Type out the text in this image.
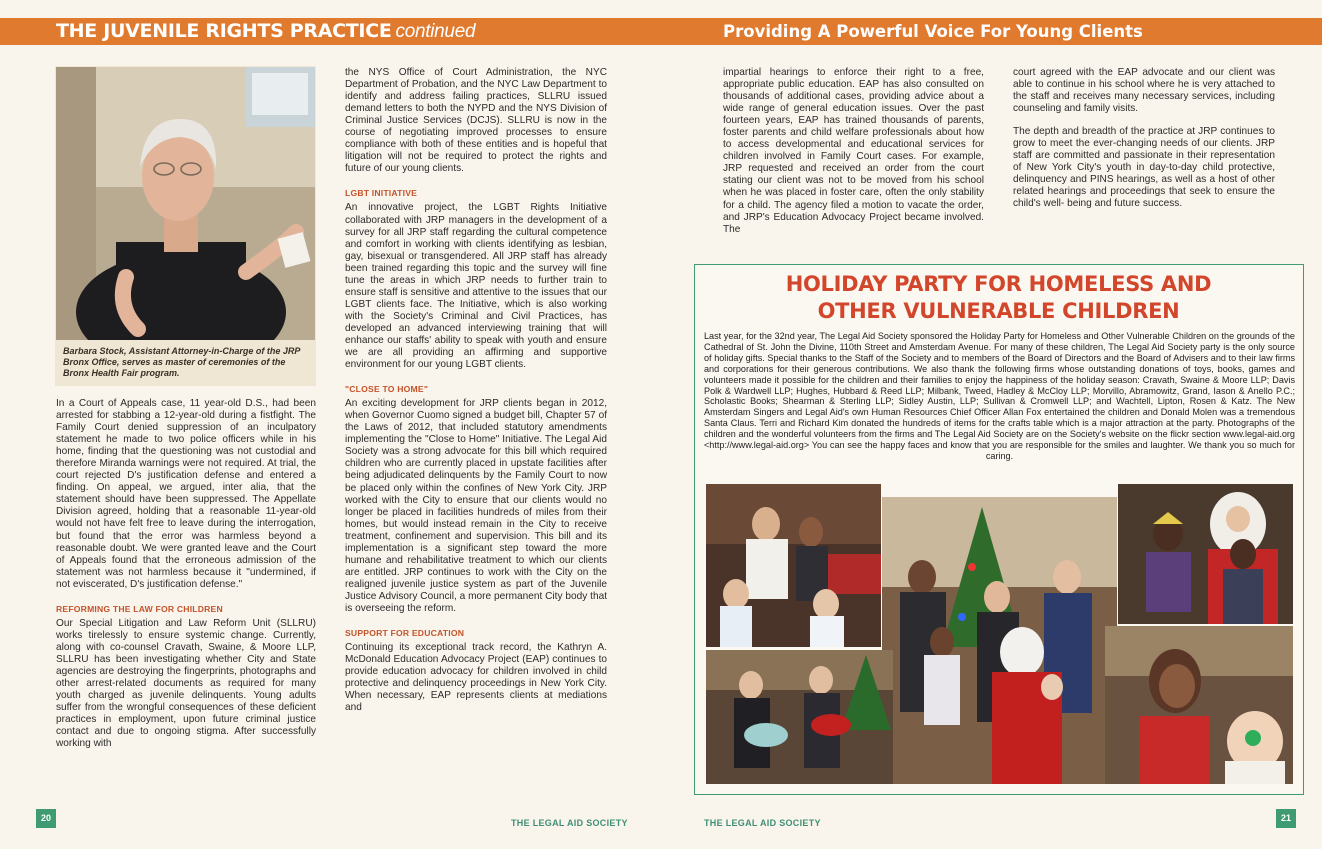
THE JUVENILE RIGHTS PRACTICE continued	Providing A Powerful Voice For Young Clients
Barbara Stock, Assistant Attorney-in-Charge of the JRP Bronx Office, serves as master of ceremonies of the Bronx Health Fair program.

In a Court of Appeals case, 11 year-old D.S., had been arrested for stabbing a 12-year-old during a fistfight. The Family Court denied suppression of an inculpatory statement he made to two police officers while in his home, finding that the questioning was not custodial and therefore Miranda warnings were not required. At trial, the court rejected D's justification defense and entered a finding. On appeal, we argued, inter alia, that the statement should have been suppressed. The Appellate Division agreed, holding that a reasonable 11-year-old would not have felt free to leave during the interrogation, but found that the error was harmless beyond a reasonable doubt. We were granted leave and the Court of Appeals found that the erroneous admission of the statement was not harmless because it "undermined, if not eviscerated, D's justification defense."

REFORMING THE LAW FOR CHILDREN

Our Special Litigation and Law Reform Unit (SLLRU) works tirelessly to ensure systemic change. Currently, along with co-counsel Cravath, Swaine, & Moore LLP, SLLRU has been investigating whether City and State agencies are destroying the fingerprints, photographs and other arrest-related documents as required for many youth charged as juvenile delinquents. Young adults suffer from the wrongful consequences of these deficient practices in employment, upon future criminal justice contact and due to ongoing stigma. After successfully working with

the NYS Office of Court Administration, the NYC Department of Probation, and the NYC Law Department to identify and address failing practices, SLLRU issued demand letters to both the NYPD and the NYS Division of Criminal Justice Services (DCJS). SLLRU is now in the course of negotiating improved processes to ensure compliance with both of these entities and is hopeful that litigation will not be required to protect the rights and future of our young clients.

LGBT INITIATIVE

An innovative project, the LGBT Rights Initiative collaborated with JRP managers in the development of a survey for all JRP staff regarding the cultural competence and comfort in working with clients identifying as lesbian, gay, bisexual or transgendered. All JRP staff has already been trained regarding this topic and the survey will fine tune the areas in which JRP needs to further train to ensure staff is sensitive and attentive to the issues that our LGBT clients face. The Initiative, which is also working with the Society's Criminal and Civil Practices, has developed an advanced interviewing training that will enhance our staffs' ability to speak with youth and ensure we are all providing an affirming and supportive environment for our young LGBT clients.

"CLOSE TO HOME"

An exciting development for JRP clients began in 2012, when Governor Cuomo signed a budget bill, Chapter 57 of the Laws of 2012, that included statutory amendments implementing the "Close to Home" Initiative. The Legal Aid Society was a strong advocate for this bill which required children who are currently placed in upstate facilities after being adjudicated delinquents by the Family Court to now be placed only within the confines of New York City. JRP worked with the City to ensure that our clients would no longer be placed in facilities hundreds of miles from their homes, but would instead remain in the City to receive treatment, confinement and supervision. This bill and its implementation is a significant step toward the more humane and rehabilitative treatment to which our clients are entitled. JRP continues to work with the City on the realigned juvenile justice system as part of the Juvenile Justice Advisory Council, a more permanent City body that is overseeing the reform.

SUPPORT FOR EDUCATION

Continuing its exceptional track record, the Kathryn A. McDonald Education Advocacy Project (EAP) continues to provide education advocacy for children involved in child protective and delinquency proceedings in New York City. When necessary, EAP represents clients at mediations and

impartial hearings to enforce their right to a free, appropriate public education. EAP has also consulted on thousands of additional cases, providing advice about a wide range of general education issues. Over the past fourteen years, EAP has trained thousands of parents, foster parents and child welfare professionals about how to access developmental and educational services for children involved in Family Court cases. For example, JRP requested and received an order from the court stating our client was not to be moved from his school when he was placed in foster care, often the only stability for a child. The agency filed a motion to vacate the order, and JRP's Education Advocacy Project became involved. The

court agreed with the EAP advocate and our client was able to continue in his school where he is very attached to the staff and receives many necessary services, including counseling and family visits.

The depth and breadth of the practice at JRP continues to grow to meet the ever-changing needs of our clients. JRP staff are committed and passionate in their representation of New York City's youth in day-to-day child protective, delinquency and PINS hearings, as well as a host of other related hearings and proceedings that seek to ensure the child's well- being and future success.

HOLIDAY PARTY FOR HOMELESS AND
OTHER VULNERABLE CHILDREN
Last year, for the 32nd year, The Legal Aid Society sponsored the Holiday Party for Homeless and Other Vulnerable Children on the grounds of the Cathedral of St. John the Divine, 110th Street and Amsterdam Avenue. For many of these children, The Legal Aid Society party is the only source of holiday gifts. Special thanks to the Staff of the Society and to members of the Board of Directors and the Board of Advisers and to their law firms and corporations for their generous contributions. We also thank the following firms whose outstanding donations of toys, books, games and volunteers made it possible for the children and their families to enjoy the happiness of the holiday season: Cravath, Swaine & Moore LLP; Davis Polk & Wardwell LLP; Hughes, Hubbard & Reed LLP; Milbank, Tweed, Hadley & McCloy LLP; Morvillo, Abramowitz, Grand, Iason & Anello P.C.; Scholastic Books; Shearman & Sterling LLP; Sidley Austin, LLP; Sullivan & Cromwell LLP; and Wachtell, Lipton, Rosen & Katz. The New Amsterdam Singers and Legal Aid's own Human Resources Chief Officer Allan Fox entertained the children and Donald Molen was a tremendous Santa Claus. Terri and Richard Kim donated the hundreds of items for the crafts table which is a major attraction at the party. Photographs of the children and the wonderful volunteers from the firms and The Legal Aid Society are on the Society's website on the flickr section www.legal-aid.org <http://www.legal-aid.org> You can see the happy faces and know that you are responsible for the smiles and laughter. We thank you so much for caring.
20	THE LEGAL AID SOCIETY	THE LEGAL AID SOCIETY	21
